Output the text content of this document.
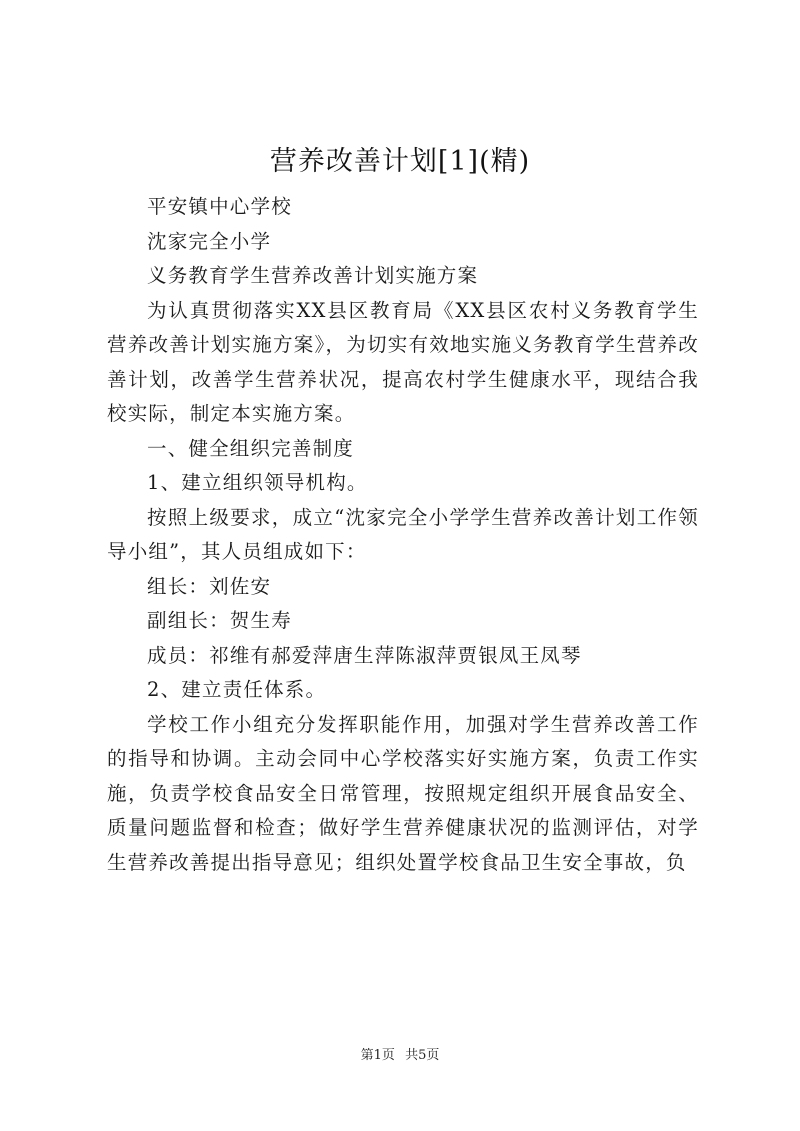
营养改善计划[1](精)

平安镇中心学校

沈家完全小学

义务教育学生营养改善计划实施方案

为认真贯彻落实XX县区教育局《XX县区农村义务教育学生营养改善计划实施方案》，为切实有效地实施义务教育学生营养改善计划，改善学生营养状况，提高农村学生健康水平，现结合我校实际，制定本实施方案。

一、健全组织完善制度

1、建立组织领导机构。

按照上级要求，成立“沈家完全小学学生营养改善计划工作领导小组”，其人员组成如下：

组长：刘佐安

副组长：贺生寿

成员：祁维有郝爱萍唐生萍陈淑萍贾银凤王凤琴

2、建立责任体系。

学校工作小组充分发挥职能作用，加强对学生营养改善工作的指导和协调。主动会同中心学校落实好实施方案，负责工作实施，负责学校食品安全日常管理，按照规定组织开展食品安全、质量问题监督和检查；做好学生营养健康状况的监测评估，对学生营养改善提出指导意见；组织处置学校食品卫生安全事故，负

第1页 共5页
